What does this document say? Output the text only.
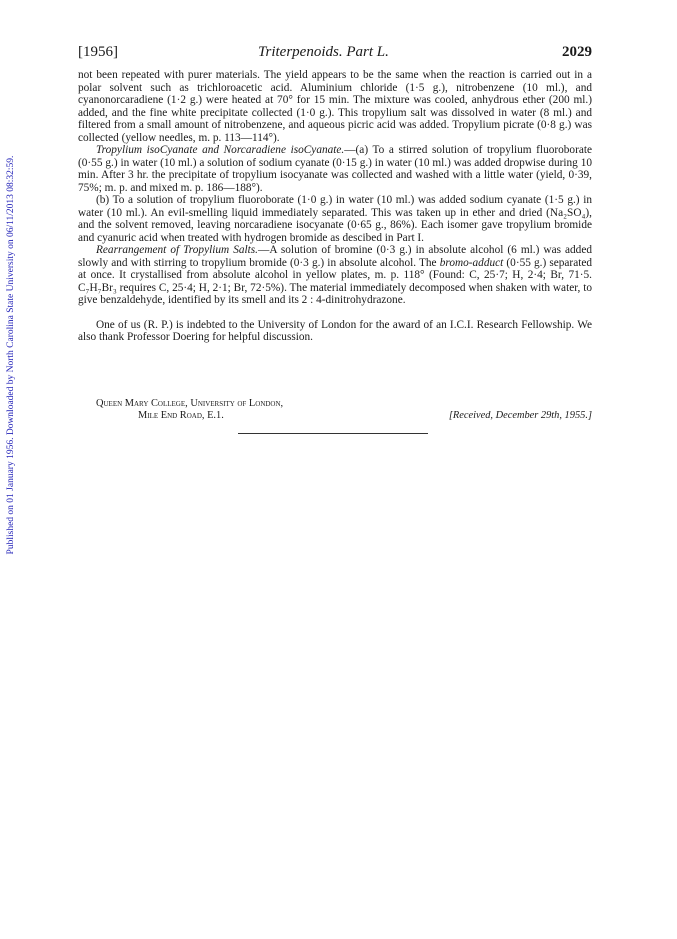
Published on 01 January 1956. Downloaded by North Carolina State University on 06/11/2013 08:32:59.
[1956]	Triterpenoids. Part L.	2029

not been repeated with purer materials. The yield appears to be the same when the reaction is carried out in a polar solvent such as trichloroacetic acid. Aluminium chloride (1·5 g.), nitrobenzene (10 ml.), and cyanonorcaradiene (1·2 g.) were heated at 70° for 15 min. The mixture was cooled, anhydrous ether (200 ml.) added, and the fine white precipitate collected (1·0 g.). This tropylium salt was dissolved in water (8 ml.) and filtered from a small amount of nitrobenzene, and aqueous picric acid was added. Tropylium picrate (0·8 g.) was collected (yellow needles, m. p. 113—114°).

Tropylium isoCyanate and Norcaradiene isoCyanate.—(a) To a stirred solution of tropylium fluoroborate (0·55 g.) in water (10 ml.) a solution of sodium cyanate (0·15 g.) in water (10 ml.) was added dropwise during 10 min. After 3 hr. the precipitate of tropylium isocyanate was collected and washed with a little water (yield, 0·39, 75%; m. p. and mixed m. p. 186—188°).

(b) To a solution of tropylium fluoroborate (1·0 g.) in water (10 ml.) was added sodium cyanate (1·5 g.) in water (10 ml.). An evil-smelling liquid immediately separated. This was taken up in ether and dried (Na₂SO₄), and the solvent removed, leaving norcaradiene isocyanate (0·65 g., 86%). Each isomer gave tropylium bromide and cyanuric acid when treated with hydrogen bromide as descibed in Part I.

Rearrangement of Tropylium Salts.—A solution of bromine (0·3 g.) in absolute alcohol (6 ml.) was added slowly and with stirring to tropylium bromide (0·3 g.) in absolute alcohol. The bromo-adduct (0·55 g.) separated at once. It crystallised from absolute alcohol in yellow plates, m. p. 118° (Found: C, 25·7; H, 2·4; Br, 71·5. C₇H₇Br₃ requires C, 25·4; H, 2·1; Br, 72·5%). The material immediately decomposed when shaken with water, to give benzaldehyde, identified by its smell and its 2 : 4-dinitrohydrazone.

One of us (R. P.) is indebted to the University of London for the award of an I.C.I. Research Fellowship. We also thank Professor Doering for helpful discussion.

Queen Mary College, University of London,
Mile End Road, E.1.	[Received, December 29th, 1955.]
